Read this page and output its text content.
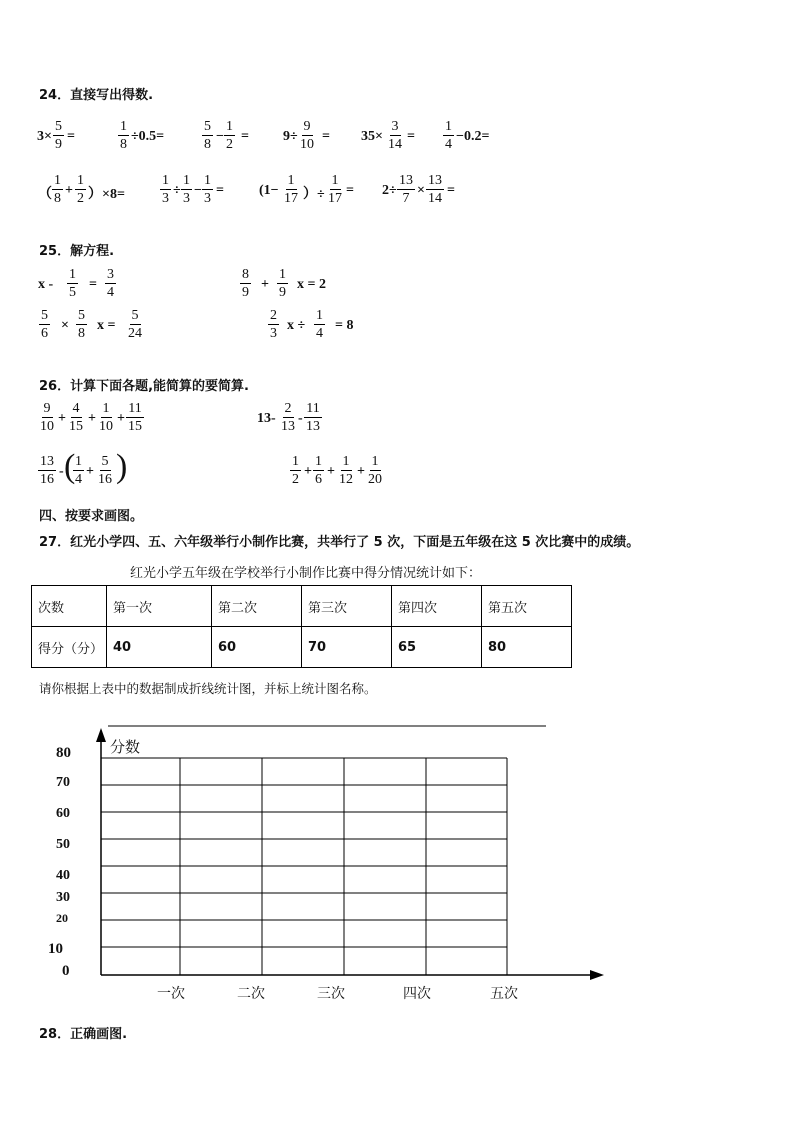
24．直接写出得数.
$3\times \frac{5}{9}$ =	$\frac{1}{8} \div 0.5=$	$\frac{5}{8} - \frac{1}{2} = 9\div \frac{9}{10} = 35\times \frac{3}{14} = \frac{1}{4} -0.2=$
（ $\frac{1}{8} + \frac{1}{2} )\times 8=$	$\frac{1}{3} \div \frac{1}{3} - \frac{1}{3}$ =	($1- \frac{1}{17}$ ）÷ $\frac{1}{17} = 2\div \frac{13}{7} \times \frac{13}{14}$ =
25．解方程.
$x - \frac{1}{5} = \frac{3}{4}$	$\frac{8}{9} + \frac{1}{9}$ x = 2
$\frac{5}{6} \times \frac{5}{8}$ $x = \frac{5}{24}$	$\frac{2}{3}$ $x \div \frac{1}{4} = 8$
26．计算下面各题,能简算的要简算.
$\frac{9}{10} + \frac{4}{15} + \frac{1}{10} + \frac{11}{15}$	$13- \frac{2}{13} - \frac{11}{13}$
$\frac{13}{16}$ - (
$\frac{1}{4} + \frac{5}{16}$ )	$\frac{1}{2} + \frac{1}{6} + \frac{1}{12} + \frac{1}{20}$
四、按要求画图。
27．红光小学四、五、六年级举行小制作比赛，共举行了 5 次，下面是五年级在这 5 次比赛中的成绩。
红光小学五年级在学校举行小制作比赛中得分情况统计如下：
次数	第一次	第二次	第三次	第四次	第五次
得分（分）	40	60	70	65	80
请你根据上表中的数据制成折线统计图，并标上统计图名称。
分数
80
70
60
50
40
30
20
10
0
一次	二次	三次	四次	五次
28．正确画图.
